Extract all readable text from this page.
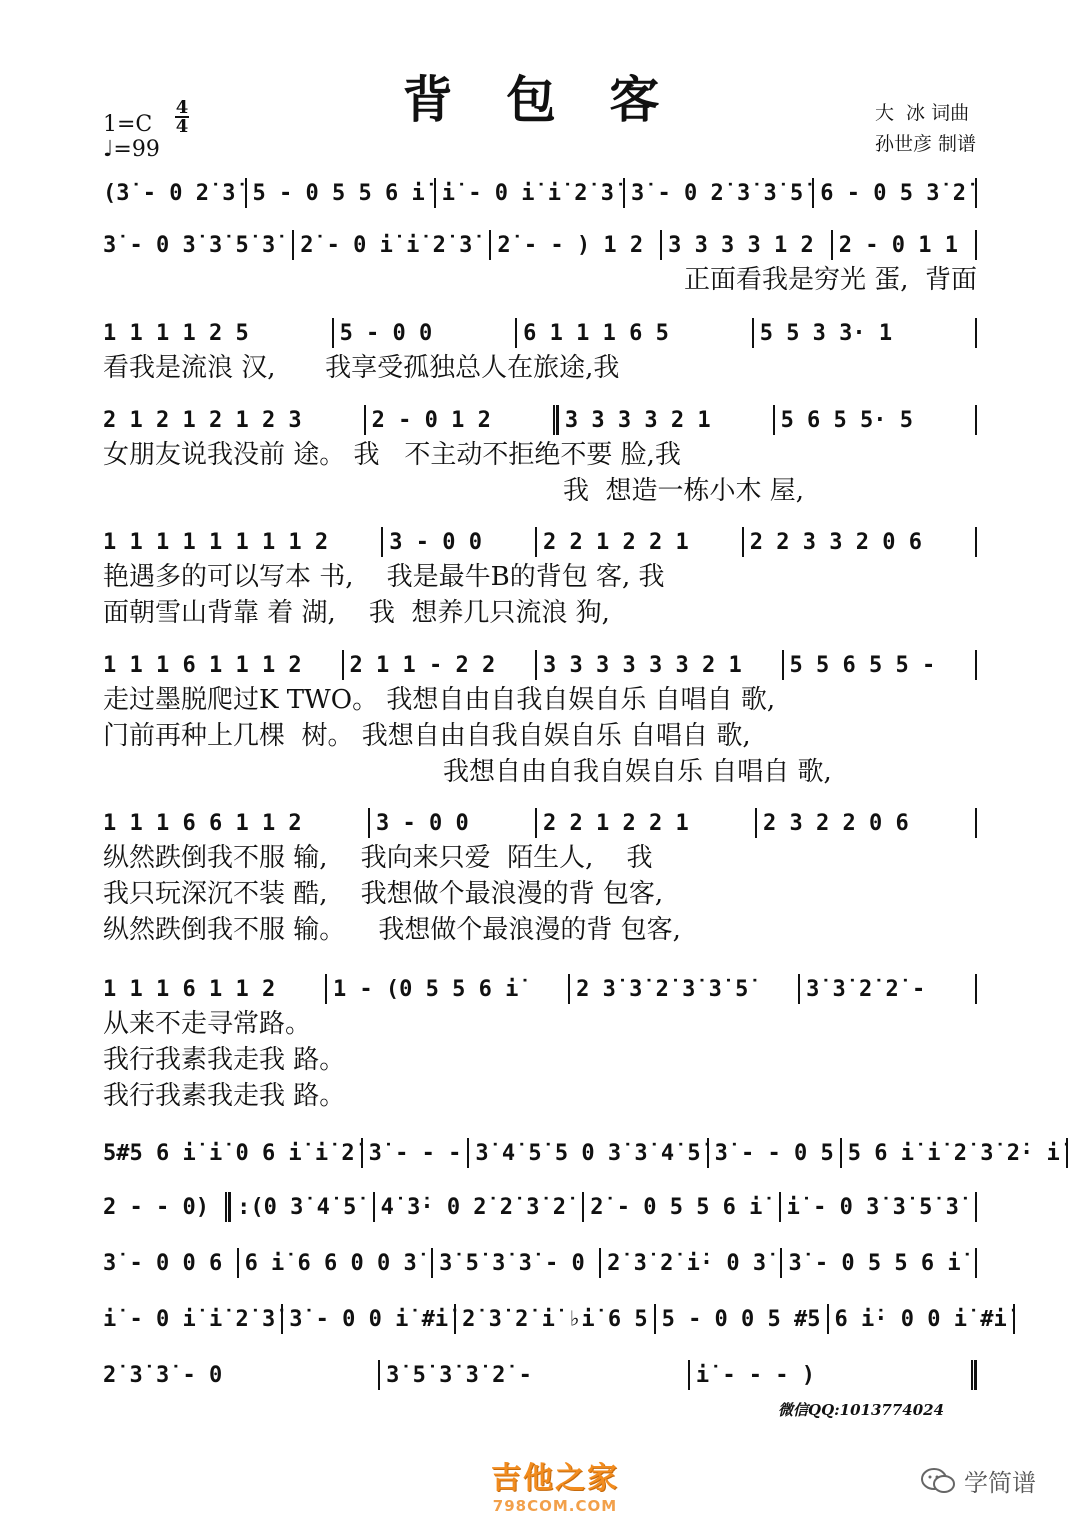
背 包 客	大  冰 词曲
孙世彦 制谱
1=C
♩ =99
4
4
(3̇ - 0 2̇ 3̇ 5 - 0 5 5 6 i̇ i̇ - 0 i̇ i̇ 2̇ 3̇ 3̇ - 0 2̇ 3̇ 3̇ 5̇ 6 - 0 5 3̇ 2̇
3̇ - 0 3̇ 3̇ 5̇ 3̇	2̇ - 0 i̇ i̇ 2̇ 3̇	2̇ - - ) 1 2	3 3 3 3 1 2	2 - 0 1 1
正面看我是穷光 蛋,  背面
1 1 1 1 2 5	5 - 0 0	6 1 1 1 6 5	5 5 3 3· 1
看我是流浪 汉,      我享受孤独总人在旅途,我
2 1 2 1 2 1 2 3	2 - 0 1 2	3 3 3 3 2 1	5 6 5 5· 5
女朋友说我没前 途。 我   不主动不拒绝不要 脸,我
我  想造一栋小木 屋,
1 1 1 1 1 1 1 1 2	3 - 0 0	2 2 1 2 2 1	2 2 3 3 2 0 6
艳遇多的可以写本 书,    我是最牛B的背包 客, 我
面朝雪山背靠 着 湖,    我  想养几只流浪 狗,
1 1 1 6 1 1 1 2	2 1 1 - 2 2	3 3 3 3 3 3 2 1	5 5 6 5 5 -
走过墨脱爬过K TWO。 我想自由自我自娱自乐 自唱自 歌,
门前再种上几棵  树。 我想自由自我自娱自乐 自唱自 歌,
我想自由自我自娱自乐 自唱自 歌,
1 1 1 6 6 1 1 2	3 - 0 0	2 2 1 2 2 1	2 3 2 2 0 6
纵然跌倒我不服 输,    我向来只爱  陌生人,    我
我只玩深沉不装 酷,    我想做个最浪漫的背 包客,
纵然跌倒我不服 输。    我想做个最浪漫的背 包客,
1 1 1 6 1 1 2	1 - (0 5 5 6 i̇	2 3̇ 3̇ 2̇ 3̇ 3̇ 5̇	3̇ 3̇ 2̇ 2̇ -
从来不走寻常路。
我行我素我走我 路。
我行我素我走我 路。
5#5 6 i̇ i̇ 0 6 i̇ i̇ 2̇ 3̇ - - - 3̇ 4̇ 5̇ 5 0 3̇ 3̇ 4̇ 5̇ 3̇ - - 0 5 5 6 i̇ i̇ 2̇ 3̇ 2̇· i̇
2 - - 0)	:(0 3̇ 4̇ 5̇	4̇ 3̇· 0 2̇ 2̇ 3̇ 2̇	2̇ - 0 5 5 6 i̇	i̇ - 0 3̇ 3̇ 5̇ 3̇
3̇ - 0 0 6	6 i̇ 6 6 0 0 3̇	3̇ 5̇ 3̇ 3̇ - 0	2̇ 3̇ 2̇ i̇· 0 3̇	3̇ - 0 5 5 6 i̇
i̇ - 0 i̇ i̇ 2̇ 3̇ 3̇ - 0 0 i̇ #i̇ 2̇ 3̇ 2̇ i̇ ♭i̇ 6 5 5 - 0 0 5 #5 6 i̇· 0 0 i̇ #i̇
2̇ 3̇ 3̇ - 0	3̇ 5̇ 3̇ 3̇ 2̇ -	i̇ - - - )
微信QQ:1013774024
吉他之家
798COM.COM
学简谱
